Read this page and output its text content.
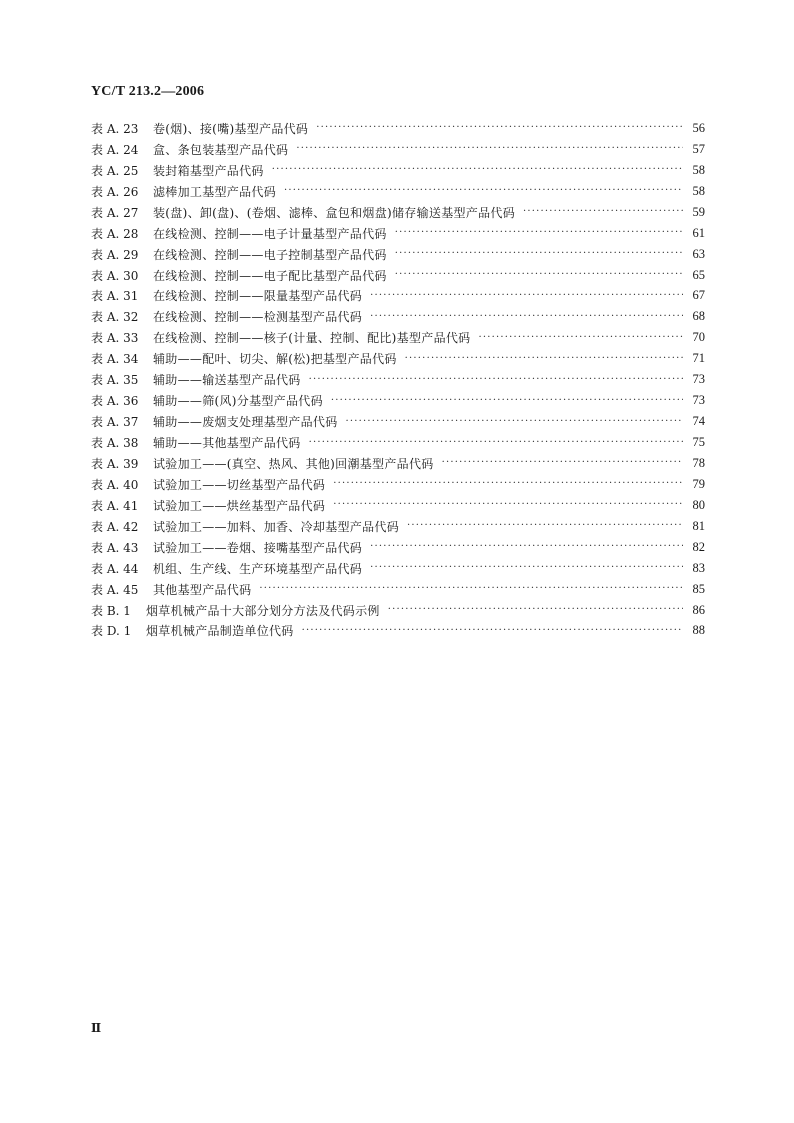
YC/T 213.2—2006
表 A. 23	卷(烟)、接(嘴)基型产品代码 ·····	56
表 A. 24	盒、条包装基型产品代码 ·····	57
表 A. 25	装封箱基型产品代码 ·····	58
表 A. 26	滤棒加工基型产品代码 ·····	58
表 A. 27	装(盘)、卸(盘)、(卷烟、滤棒、盒包和烟盘)储存输送基型产品代码 ·····	59
表 A. 28	在线检测、控制——电子计量基型产品代码 ·····	61
表 A. 29	在线检测、控制——电子控制基型产品代码 ·····	63
表 A. 30	在线检测、控制——电子配比基型产品代码 ·····	65
表 A. 31	在线检测、控制——限量基型产品代码 ·····	67
表 A. 32	在线检测、控制——检测基型产品代码 ·····	68
表 A. 33	在线检测、控制——核子(计量、控制、配比)基型产品代码 ·····	70
表 A. 34	辅助——配叶、切尖、解(松)把基型产品代码 ·····	71
表 A. 35	辅助——输送基型产品代码 ·····	73
表 A. 36	辅助——筛(风)分基型产品代码 ·····	73
表 A. 37	辅助——废烟支处理基型产品代码 ·····	74
表 A. 38	辅助——其他基型产品代码 ·····	75
表 A. 39	试验加工——(真空、热风、其他)回潮基型产品代码 ·····	78
表 A. 40	试验加工——切丝基型产品代码 ·····	79
表 A. 41	试验加工——烘丝基型产品代码 ·····	80
表 A. 42	试验加工——加料、加香、冷却基型产品代码 ·····	81
表 A. 43	试验加工——卷烟、接嘴基型产品代码 ·····	82
表 A. 44	机组、生产线、生产环境基型产品代码 ·····	83
表 A. 45	其他基型产品代码 ·····	85
表 B. 1	烟草机械产品十大部分划分方法及代码示例 ·····	86
表 D. 1	烟草机械产品制造单位代码 ·····	88
Ⅱ
